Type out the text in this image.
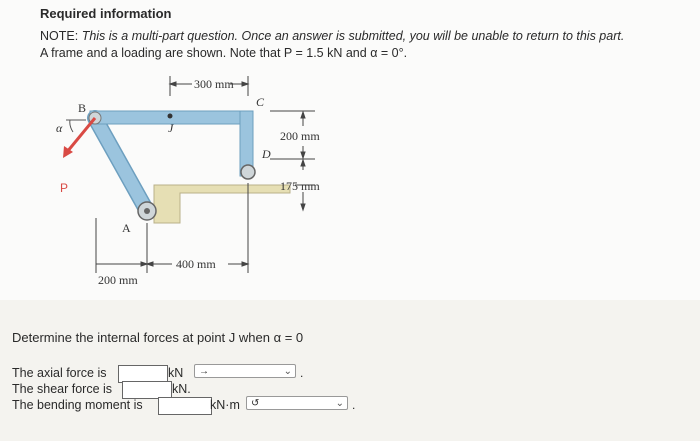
Required information
NOTE: This is a multi-part question. Once an answer is submitted, you will be unable to return to this part.
A frame and a loading are shown. Note that P = 1.5 kN and α = 0°.
B	C
D
A
J
α
P
300 mm
200 mm
175 mm
400 mm
200 mm
Determine the internal forces at point J when α = 0
The axial force is	kN	→	⌄ .
The shear force is	kN.
The bending moment is	kN·m	↺	⌄ .
